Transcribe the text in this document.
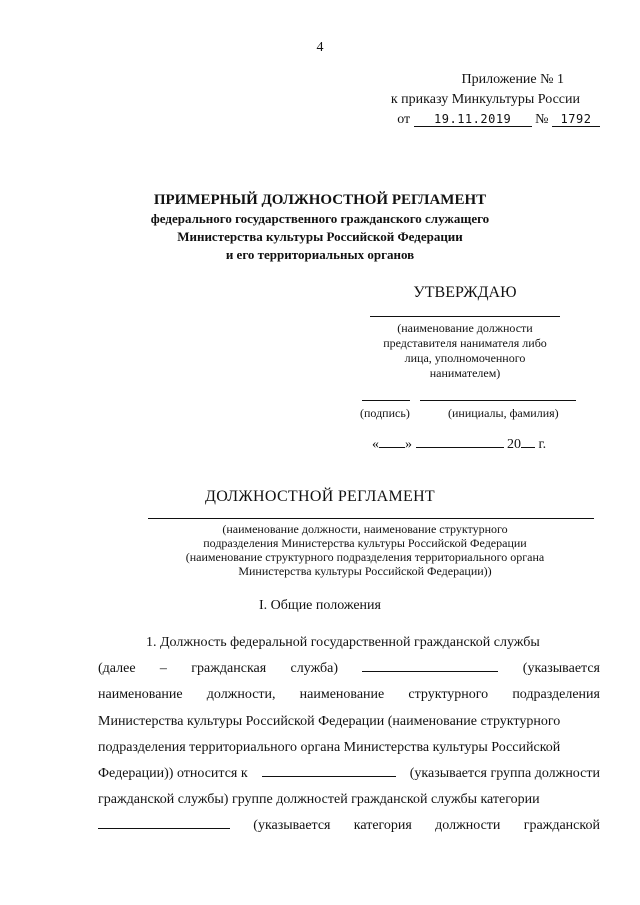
4
Приложение № 1
к приказу Минкультуры России
от 19.11.2019 № 1792
ПРИМЕРНЫЙ ДОЛЖНОСТНОЙ РЕГЛАМЕНТ
федерального государственного гражданского служащего
Министерства культуры Российской Федерации
и его территориальных органов
УТВЕРЖДАЮ
(наименование должности
представителя нанимателя либо
лица, уполномоченного
нанимателем)
(подпись)	(инициалы, фамилия)
« »	20 г.
ДОЛЖНОСТНОЙ РЕГЛАМЕНТ
(наименование должности, наименование структурного
подразделения Министерства культуры Российской Федерации
(наименование структурного подразделения территориального органа
Министерства культуры Российской Федерации))
I. Общие положения
1. Должность федеральной государственной гражданской службы
(далее – гражданская служба)	(указывается
наименование должности, наименование структурного подразделения
Министерства культуры Российской Федерации (наименование структурного
подразделения территориального органа Министерства культуры Российской
Федерации)) относится к	(указывается группа должности
гражданской службы) группе должностей гражданской службы категории
(указывается категория должности гражданской
